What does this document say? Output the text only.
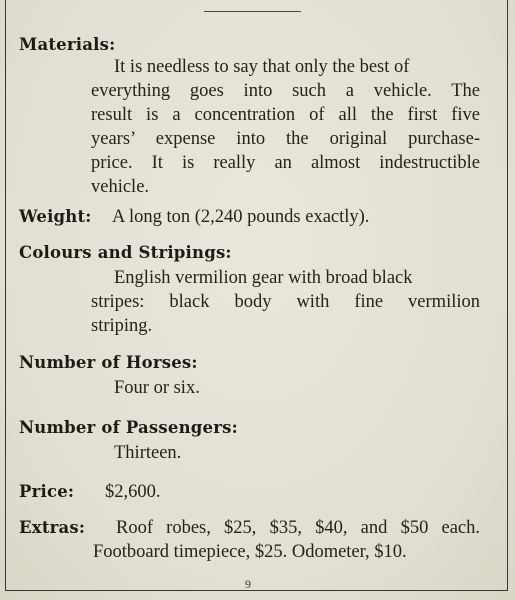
Materials:
It is needless to say that only the best of
everything goes into such a vehicle. The
result is a concentration of all the first five
years’ expense into the original purchase-
price. It is really an almost indestructible
vehicle.
Weight: A long ton (2,240 pounds exactly).
Colours and Stripings:
English vermilion gear with broad black
stripes: black body with fine vermilion
striping.
Number of Horses:
Four or six.
Number of Passengers:
Thirteen.
Price: $2,600.
Extras: Roof robes, $25, $35, $40, and $50 each.
Footboard timepiece, $25. Odometer, $10.
9
